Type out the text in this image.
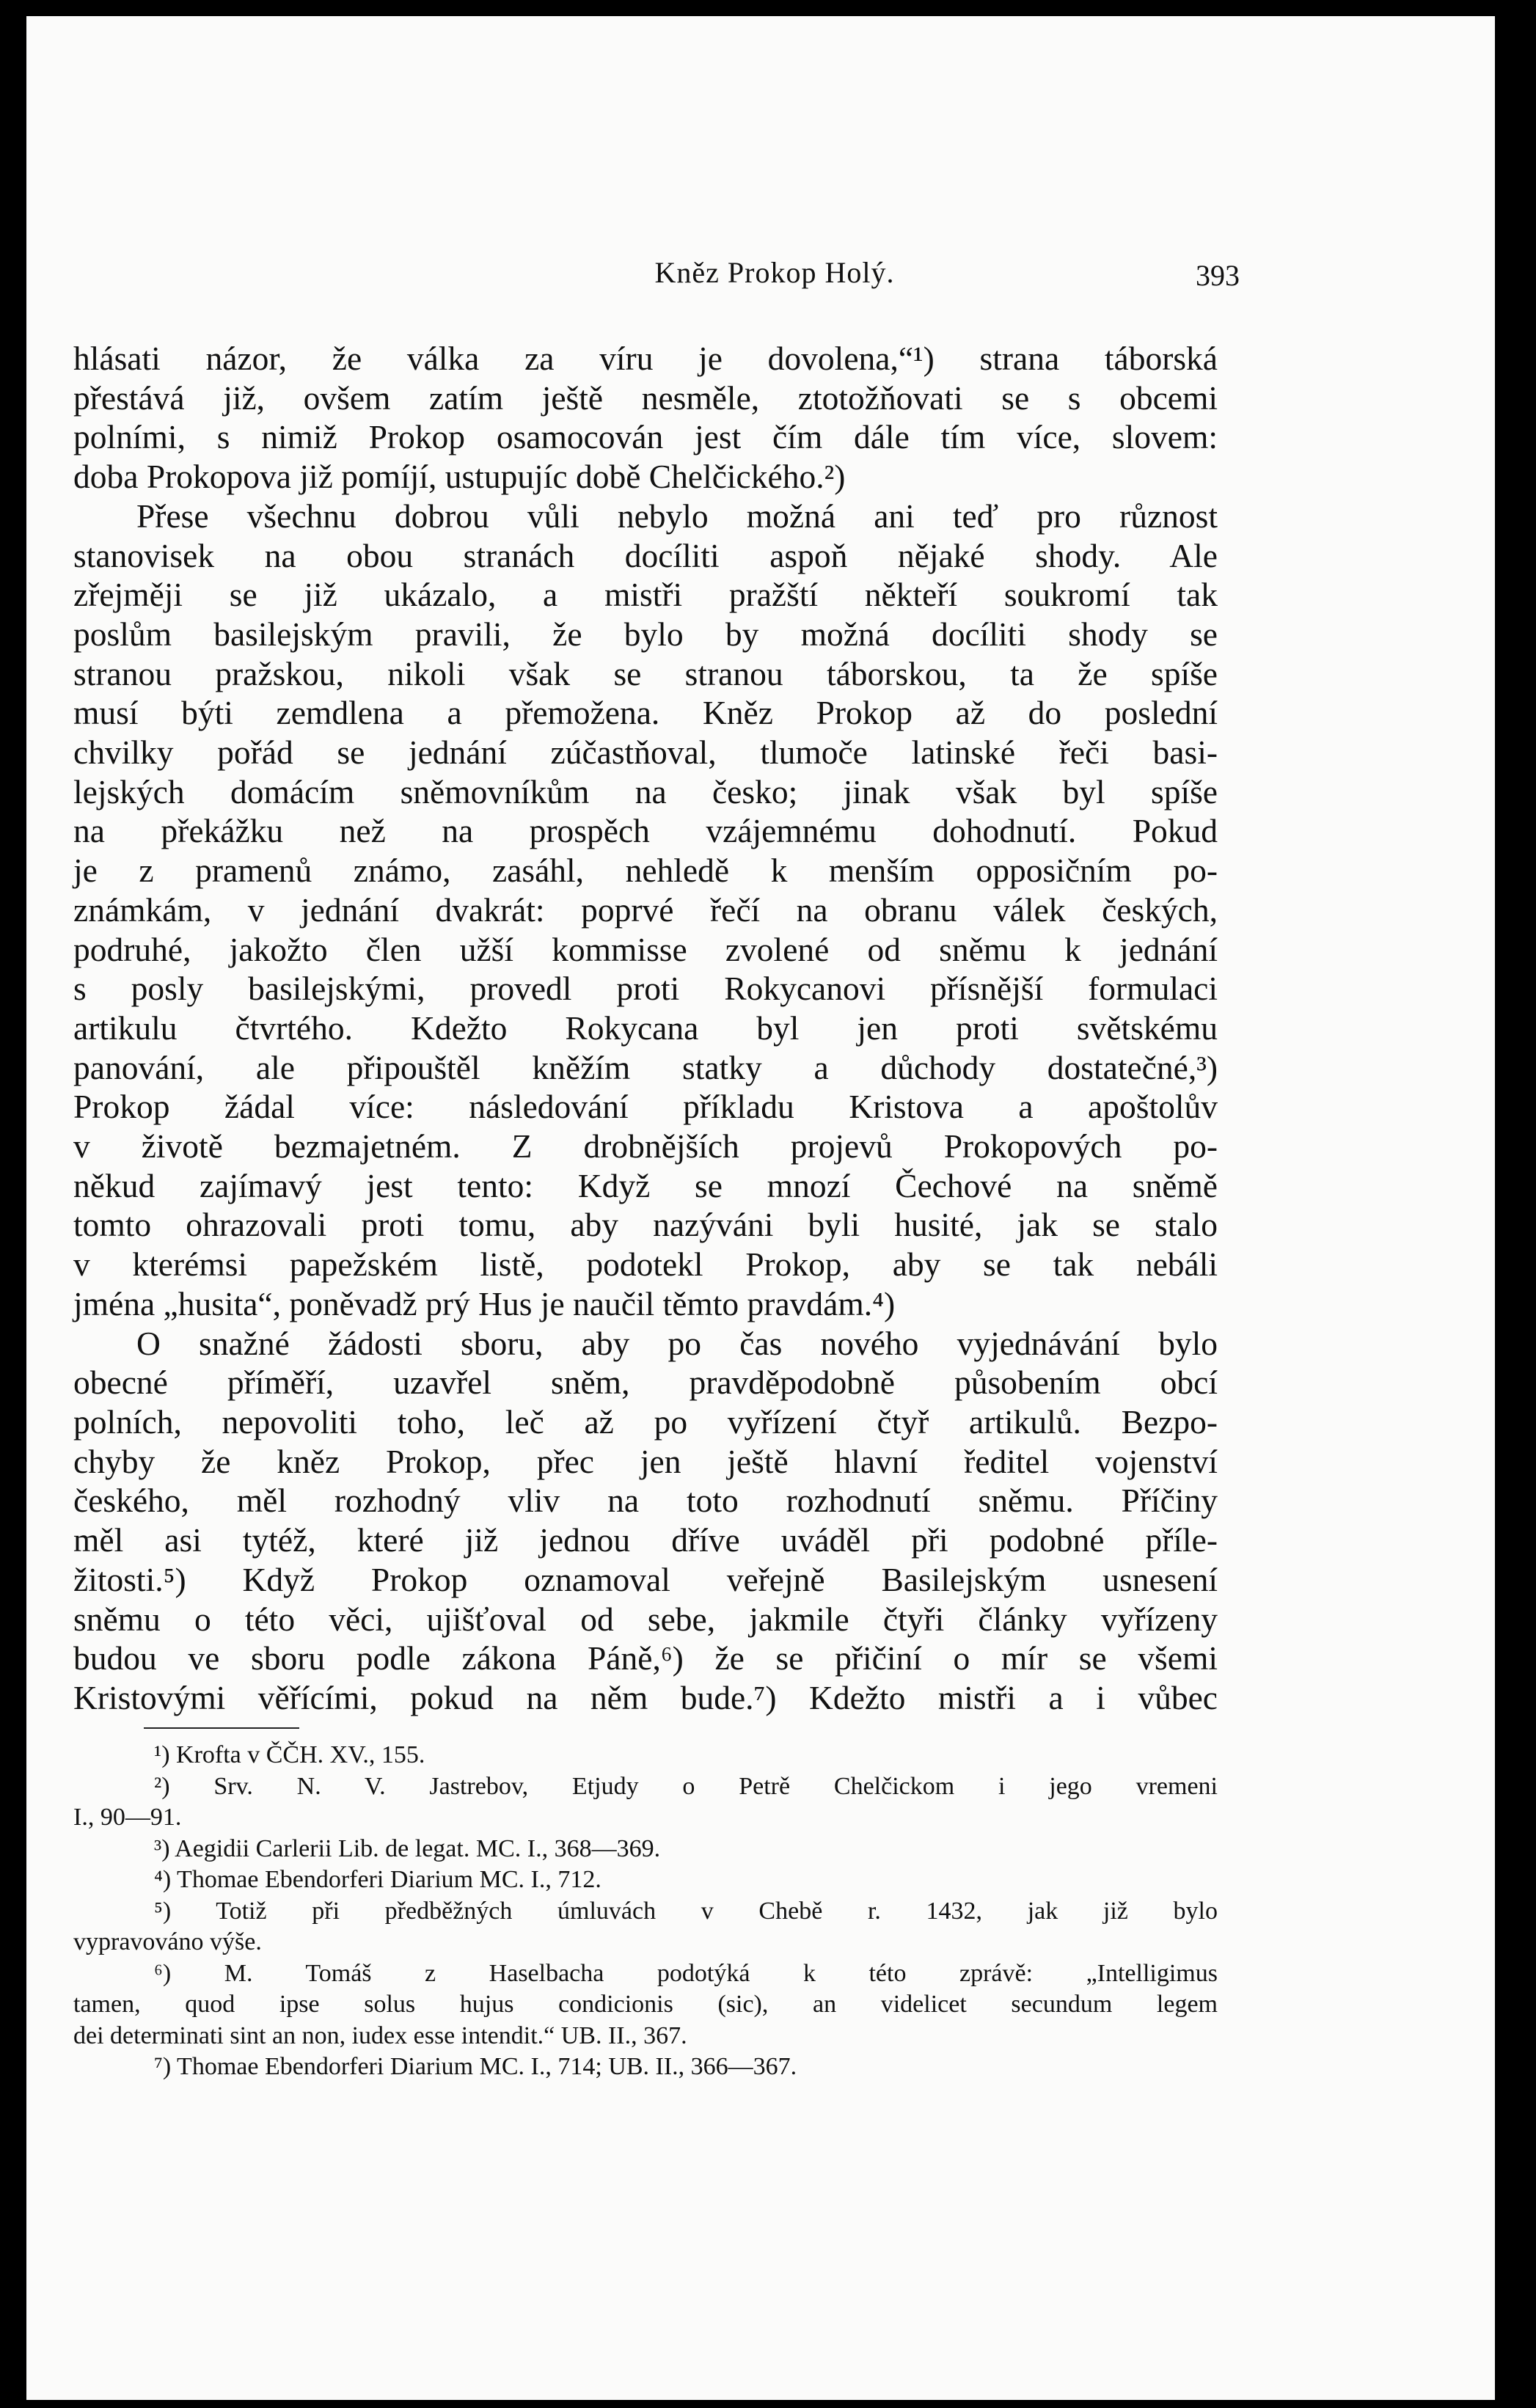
Kněz Prokop Holý.	393
hlásati názor, že válka za víru je dovolena,“¹) strana táborská
přestává již, ovšem zatím ještě nesměle, ztotožňovati se s obcemi
polními, s nimiž Prokop osamocován jest čím dále tím více, slovem:
doba Prokopova již pomíjí, ustupujíc době Chelčického.²)
Přese všechnu dobrou vůli nebylo možná ani teď pro různost
stanovisek na obou stranách docíliti aspoň nějaké shody. Ale
zřejměji se již ukázalo, a mistři pražští někteří soukromí tak
poslům basilejským pravili, že bylo by možná docíliti shody se
stranou pražskou, nikoli však se stranou táborskou, ta že spíše
musí býti zemdlena a přemožena. Kněz Prokop až do poslední
chvilky pořád se jednání zúčastňoval, tlumoče latinské řeči basi-
lejských domácím sněmovníkům na česko; jinak však byl spíše
na překážku než na prospěch vzájemnému dohodnutí. Pokud
je z pramenů známo, zasáhl, nehledě k menším opposičním po-
známkám, v jednání dvakrát: poprvé řečí na obranu válek českých,
podruhé, jakožto člen užší kommisse zvolené od sněmu k jednání
s posly basilejskými, provedl proti Rokycanovi přísnější formulaci
artikulu čtvrtého. Kdežto Rokycana byl jen proti světskému
panování, ale připouštěl kněžím statky a důchody dostatečné,³)
Prokop žádal více: následování příkladu Kristova a apoštolův
v životě bezmajetném. Z drobnějších projevů Prokopových po-
někud zajímavý jest tento: Když se mnozí Čechové na sněmě
tomto ohrazovali proti tomu, aby nazýváni byli husité, jak se stalo
v kterémsi papežském listě, podotekl Prokop, aby se tak nebáli
jména „husita“, poněvadž prý Hus je naučil těmto pravdám.⁴)
O snažné žádosti sboru, aby po čas nového vyjednávání bylo
obecné příměří, uzavřel sněm, pravděpodobně působením obcí
polních, nepovoliti toho, leč až po vyřízení čtyř artikulů. Bezpo-
chyby že kněz Prokop, přec jen ještě hlavní ředitel vojenství
českého, měl rozhodný vliv na toto rozhodnutí sněmu. Příčiny
měl asi tytéž, které již jednou dříve uváděl při podobné příle-
žitosti.⁵) Když Prokop oznamoval veřejně Basilejským usnesení
sněmu o této věci, ujišťoval od sebe, jakmile čtyři články vyřízeny
budou ve sboru podle zákona Páně,⁶) že se přičiní o mír se všemi
Kristovými věřícími, pokud na něm bude.⁷) Kdežto mistři a i vůbec
¹) Krofta v ČČH. XV., 155.
²) Srv. N. V. Jastrebov, Etjudy o Petrě Chelčickom i jego vremeni
I., 90—91.
³) Aegidii Carlerii Lib. de legat. MC. I., 368—369.
⁴) Thomae Ebendorferi Diarium MC. I., 712.
⁵) Totiž při předběžných úmluvách v Chebě r. 1432, jak již bylo
vypravováno výše.
⁶) M. Tomáš z Haselbacha podotýká k této zprávě: „Intelligimus
tamen, quod ipse solus hujus condicionis (sic), an videlicet secundum legem
dei determinati sint an non, iudex esse intendit.“ UB. II., 367.
⁷) Thomae Ebendorferi Diarium MC. I., 714; UB. II., 366—367.
